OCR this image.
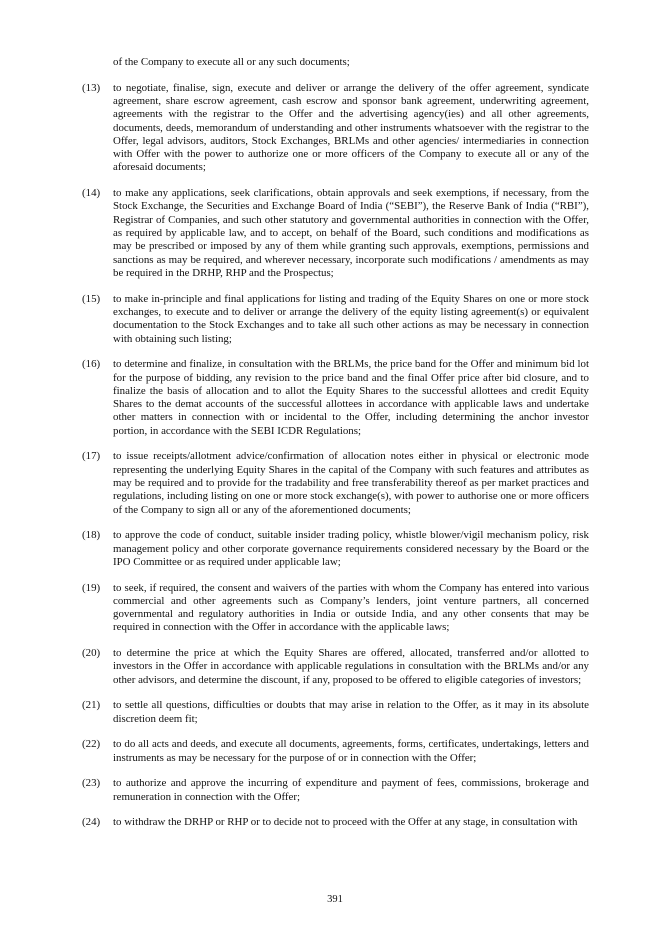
of the Company to execute all or any such documents;
(13)	to negotiate, finalise, sign, execute and deliver or arrange the delivery of the offer agreement, syndicate agreement, share escrow agreement, cash escrow and sponsor bank agreement, underwriting agreement, agreements with the registrar to the Offer and the advertising agency(ies) and all other agreements, documents, deeds, memorandum of understanding and other instruments whatsoever with the registrar to the Offer, legal advisors, auditors, Stock Exchanges, BRLMs and other agencies/ intermediaries in connection with Offer with the power to authorize one or more officers of the Company to execute all or any of the aforesaid documents;
(14)	to make any applications, seek clarifications, obtain approvals and seek exemptions, if necessary, from the Stock Exchange, the Securities and Exchange Board of India (“SEBI”), the Reserve Bank of India (“RBI”), Registrar of Companies, and such other statutory and governmental authorities in connection with the Offer, as required by applicable law, and to accept, on behalf of the Board, such conditions and modifications as may be prescribed or imposed by any of them while granting such approvals, exemptions, permissions and sanctions as may be required, and wherever necessary, incorporate such modifications / amendments as may be required in the DRHP, RHP and the Prospectus;
(15)	to make in-principle and final applications for listing and trading of the Equity Shares on one or more stock exchanges, to execute and to deliver or arrange the delivery of the equity listing agreement(s) or equivalent documentation to the Stock Exchanges and to take all such other actions as may be necessary in connection with obtaining such listing;
(16)	to determine and finalize, in consultation with the BRLMs, the price band for the Offer and minimum bid lot for the purpose of bidding, any revision to the price band and the final Offer price after bid closure, and to finalize the basis of allocation and to allot the Equity Shares to the successful allottees and credit Equity Shares to the demat accounts of the successful allottees in accordance with applicable laws and undertake other matters in connection with or incidental to the Offer, including determining the anchor investor portion, in accordance with the SEBI ICDR Regulations;
(17)	to issue receipts/allotment advice/confirmation of allocation notes either in physical or electronic mode representing the underlying Equity Shares in the capital of the Company with such features and attributes as may be required and to provide for the tradability and free transferability thereof as per market practices and regulations, including listing on one or more stock exchange(s), with power to authorise one or more officers of the Company to sign all or any of the aforementioned documents;
(18)	to approve the code of conduct, suitable insider trading policy, whistle blower/vigil mechanism policy, risk management policy and other corporate governance requirements considered necessary by the Board or the IPO Committee or as required under applicable law;
(19)	to seek, if required, the consent and waivers of the parties with whom the Company has entered into various commercial and other agreements such as Company’s lenders, joint venture partners, all concerned governmental and regulatory authorities in India or outside India, and any other consents that may be required in connection with the Offer in accordance with the applicable laws;
(20)	to determine the price at which the Equity Shares are offered, allocated, transferred and/or allotted to investors in the Offer in accordance with applicable regulations in consultation with the BRLMs and/or any other advisors, and determine the discount, if any, proposed to be offered to eligible categories of investors;
(21)	to settle all questions, difficulties or doubts that may arise in relation to the Offer, as it may in its absolute discretion deem fit;
(22)	to do all acts and deeds, and execute all documents, agreements, forms, certificates, undertakings, letters and instruments as may be necessary for the purpose of or in connection with the Offer;
(23)	to authorize and approve the incurring of expenditure and payment of fees, commissions, brokerage and remuneration in connection with the Offer;
(24)	to withdraw the DRHP or RHP or to decide not to proceed with the Offer at any stage, in consultation with
391
